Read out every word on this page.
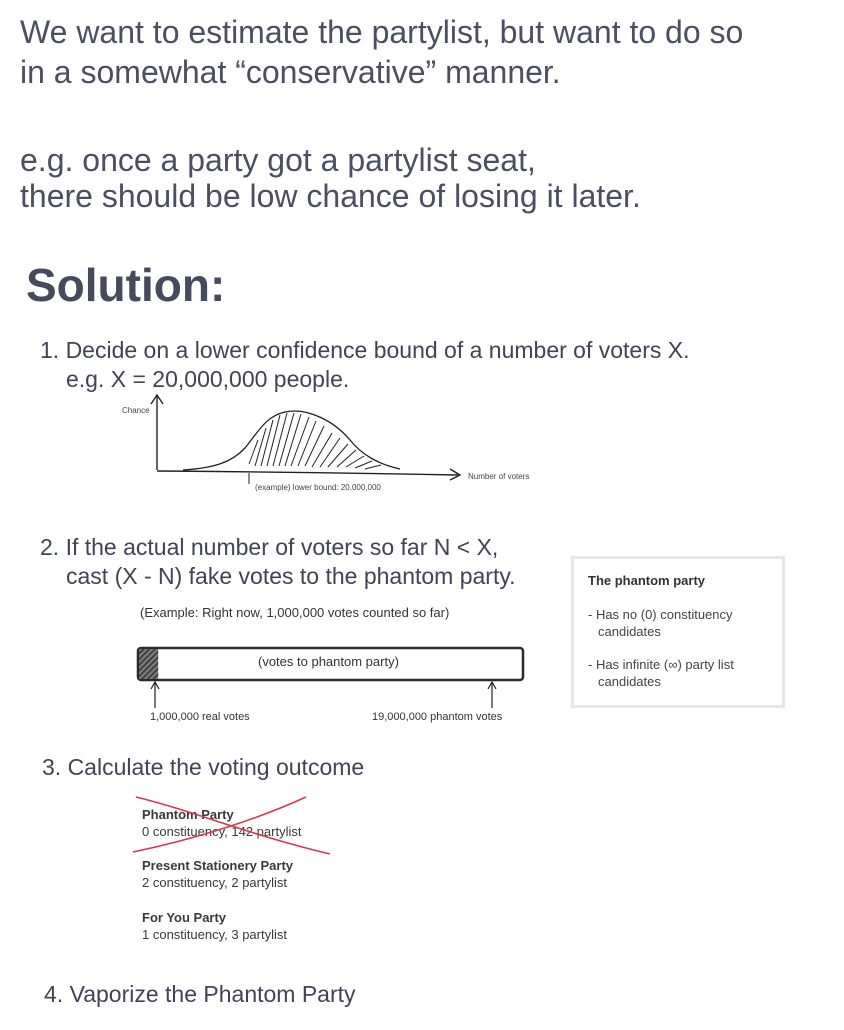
We want to estimate the partylist, but want to do so
in a somewhat “conservative” manner.
e.g. once a party got a partylist seat,
there should be low chance of losing it later.
Solution:
1. Decide on a lower confidence bound of a number of voters X.
e.g. X = 20,000,000 people.
Chance
Number of voters
(example) lower bound: 20,000,000
2. If the actual number of voters so far N < X,
cast (X - N) fake votes to the phantom party.
(Example: Right now, 1,000,000 votes counted so far)
(votes to phantom party)
1,000,000 real votes	19,000,000 phantom votes
The phantom party
- Has no (0) constituency candidates
- Has infinite (∞) party list candidates
3. Calculate the voting outcome
Phantom Party
0 constituency, 142 partylist
Present Stationery Party
2 constituency, 2 partylist
For You Party
1 constituency, 3 partylist
4. Vaporize the Phantom Party
